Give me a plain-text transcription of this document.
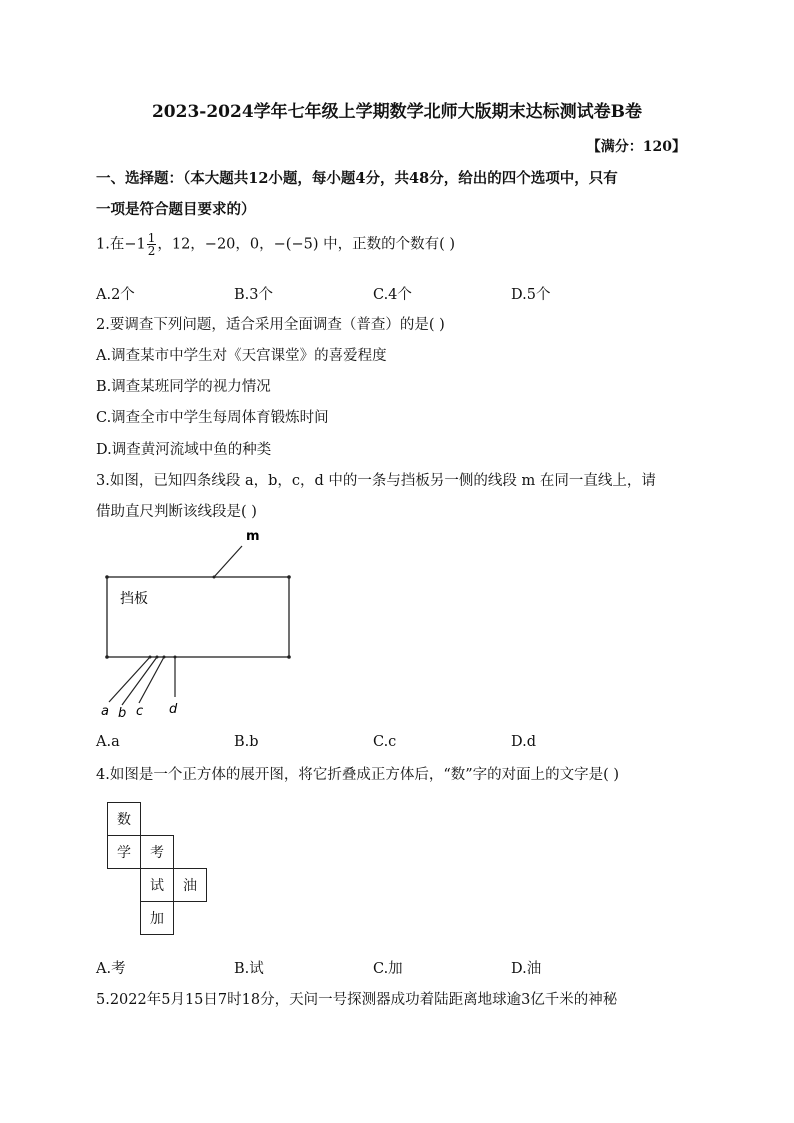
2023-2024学年七年级上学期数学北师大版期末达标测试卷B卷
【满分：120】
一、选择题：（本大题共12小题，每小题4分，共48分，给出的四个选项中，只有
一项是符合题目要求的）
1.在$-1 \frac{1}{2}$ ，12，−20，0，−(−5) 中，正数的个数有( )
A.2个	B.3个	C.4个	D.5个
2.要调查下列问题，适合采用全面调查（普查）的是( )
A.调查某市中学生对《天宫课堂》的喜爱程度
B.调查某班同学的视力情况
C.调查全市中学生每周体育锻炼时间
D.调查黄河流域中鱼的种类
3.如图，已知四条线段 a，b，c，d 中的一条与挡板另一侧的线段 m 在同一直线上，请
借助直尺判断该线段是( )
挡板
m
a b c d
A.a	B.b	C.c	D.d
4.如图是一个正方体的展开图，将它折叠成正方体后，“数”字的对面上的文字是( )
数
学	考
试	油
加
A.考	B.试	C.加	D.油
5.2022年5月15日7时18分，天问一号探测器成功着陆距离地球逾3亿千米的神秘
